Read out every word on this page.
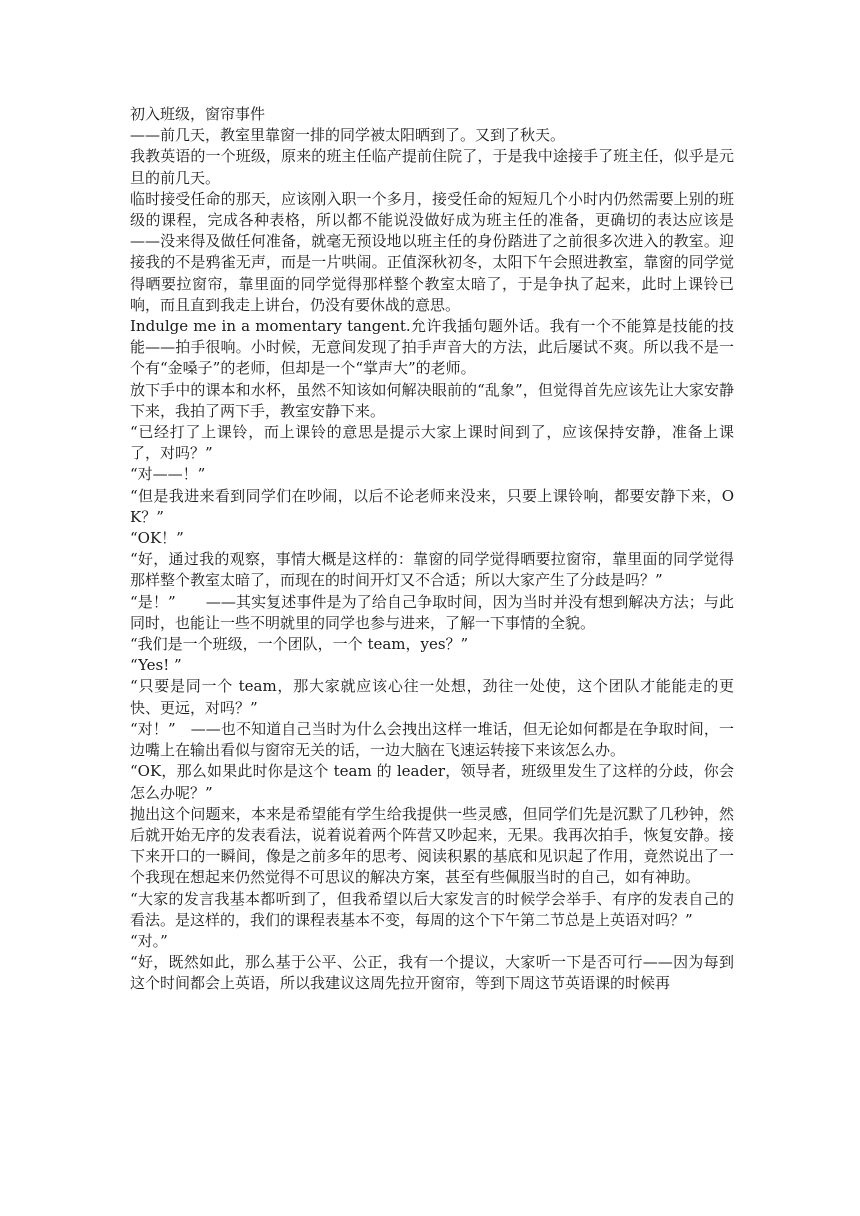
初入班级，窗帘事件

——前几天，教室里靠窗一排的同学被太阳晒到了。又到了秋天。

我教英语的一个班级，原来的班主任临产提前住院了，于是我中途接手了班主任，似乎是元旦的前几天。

临时接受任命的那天，应该刚入职一个多月，接受任命的短短几个小时内仍然需要上别的班级的课程，完成各种表格，所以都不能说没做好成为班主任的准备，更确切的表达应该是——没来得及做任何准备，就毫无预设地以班主任的身份踏进了之前很多次进入的教室。迎接我的不是鸦雀无声，而是一片哄闹。正值深秋初冬，太阳下午会照进教室，靠窗的同学觉得晒要拉窗帘，靠里面的同学觉得那样整个教室太暗了，于是争执了起来，此时上课铃已响，而且直到我走上讲台，仍没有要休战的意思。

Indulge me in a momentary tangent.允许我插句题外话。我有一个不能算是技能的技能——拍手很响。小时候，无意间发现了拍手声音大的方法，此后屡试不爽。所以我不是一个有“金嗓子”的老师，但却是一个“掌声大”的老师。

放下手中的课本和水杯，虽然不知该如何解决眼前的“乱象”，但觉得首先应该先让大家安静下来，我拍了两下手，教室安静下来。

“已经打了上课铃，而上课铃的意思是提示大家上课时间到了，应该保持安静，准备上课了，对吗？”

“对——！”

“但是我进来看到同学们在吵闹，以后不论老师来没来，只要上课铃响，都要安静下来，OK？”

“OK！”

“好，通过我的观察，事情大概是这样的：靠窗的同学觉得晒要拉窗帘，靠里面的同学觉得那样整个教室太暗了，而现在的时间开灯又不合适；所以大家产生了分歧是吗？”

“是！”　　——其实复述事件是为了给自己争取时间，因为当时并没有想到解决方法；与此同时，也能让一些不明就里的同学也参与进来，了解一下事情的全貌。

“我们是一个班级，一个团队，一个 team，yes？”

“Yes! ”

“只要是同一个 team，那大家就应该心往一处想，劲往一处使，这个团队才能能走的更快、更远，对吗？”

“对！”　——也不知道自己当时为什么会拽出这样一堆话，但无论如何都是在争取时间，一边嘴上在输出看似与窗帘无关的话，一边大脑在飞速运转接下来该怎么办。

“OK，那么如果此时你是这个 team 的 leader，领导者，班级里发生了这样的分歧，你会怎么办呢？”

抛出这个问题来，本来是希望能有学生给我提供一些灵感，但同学们先是沉默了几秒钟，然后就开始无序的发表看法，说着说着两个阵营又吵起来，无果。我再次拍手，恢复安静。接下来开口的一瞬间，像是之前多年的思考、阅读积累的基底和见识起了作用，竟然说出了一个我现在想起来仍然觉得不可思议的解决方案，甚至有些佩服当时的自己，如有神助。

“大家的发言我基本都听到了，但我希望以后大家发言的时候学会举手、有序的发表自己的看法。是这样的，我们的课程表基本不变，每周的这个下午第二节总是上英语对吗？”

“对。”

“好，既然如此，那么基于公平、公正，我有一个提议，大家听一下是否可行——因为每到这个时间都会上英语，所以我建议这周先拉开窗帘，等到下周这节英语课的时候再
